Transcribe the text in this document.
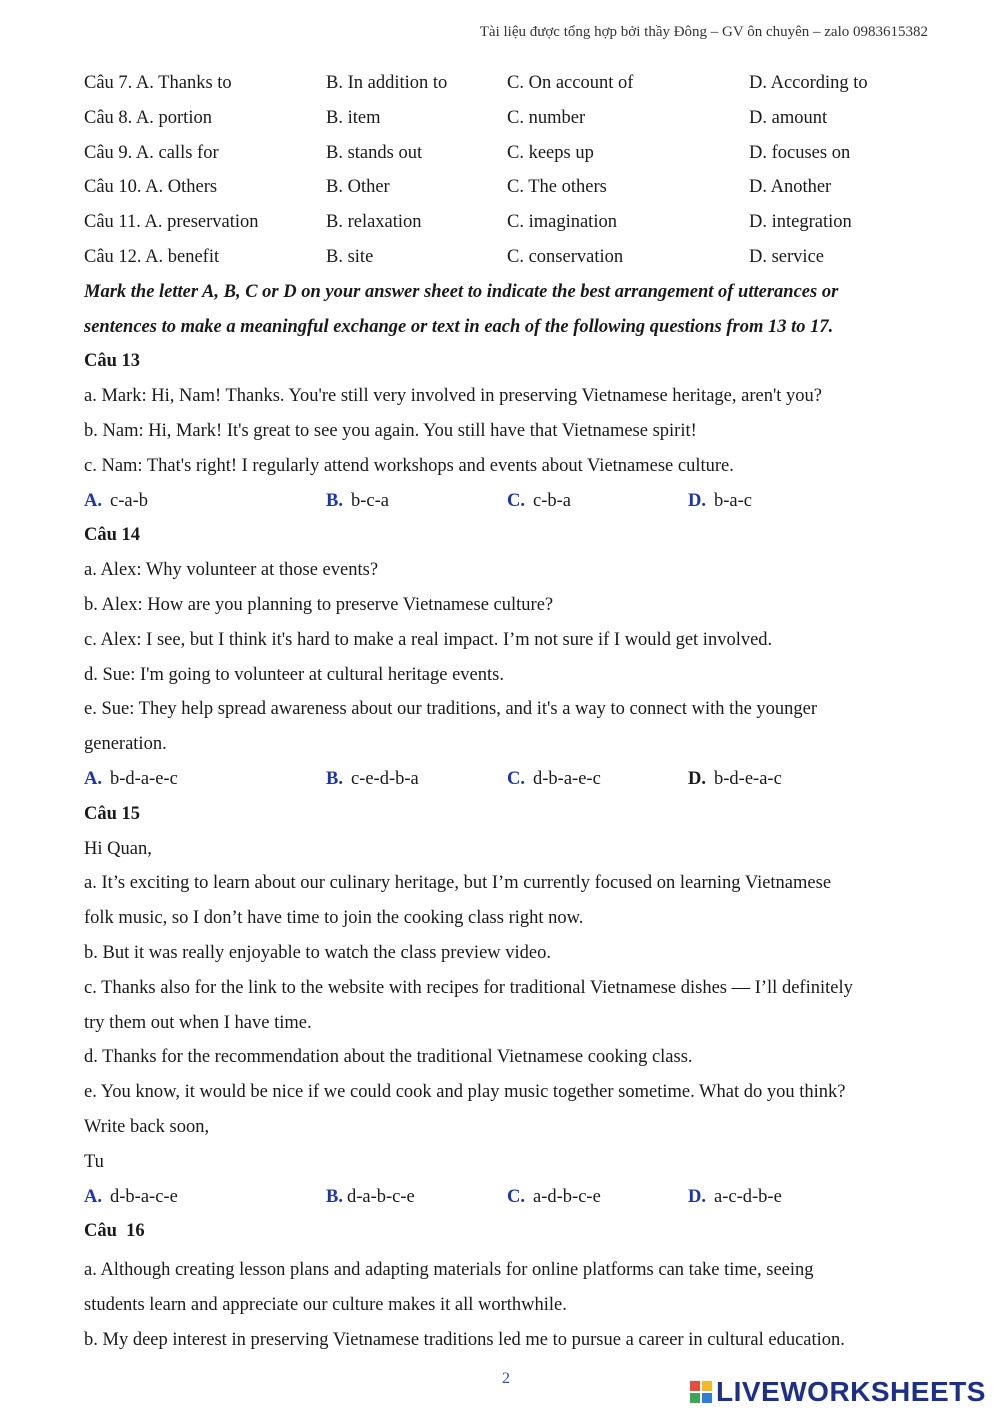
Tài liệu được tổng hợp bởi thầy Đông – GV ôn chuyên – zalo 0983615382
Câu 7. A. Thanks to	B. In addition to	C. On account of	D. According to
Câu 8. A. portion	B. item	C. number	D. amount
Câu 9. A. calls for	B. stands out	C. keeps up	D. focuses on
Câu 10. A. Others	B. Other	C. The others	D. Another
Câu 11. A. preservation	B. relaxation	C. imagination	D. integration
Câu 12. A. benefit	B. site	C. conservation	D. service
Mark the letter A, B, C or D on your answer sheet to indicate the best arrangement of utterances or
sentences to make a meaningful exchange or text in each of the following questions from 13 to 17.
Câu 13
a. Mark: Hi, Nam! Thanks. You're still very involved in preserving Vietnamese heritage, aren't you?
b. Nam: Hi, Mark! It's great to see you again. You still have that Vietnamese spirit!
c. Nam: That's right! I regularly attend workshops and events about Vietnamese culture.
A. c-a-b	B. b-c-a	C. c-b-a	D. b-a-c
Câu 14
a. Alex: Why volunteer at those events?
b. Alex: How are you planning to preserve Vietnamese culture?
c. Alex: I see, but I think it's hard to make a real impact. I’m not sure if I would get involved.
d. Sue: I'm going to volunteer at cultural heritage events.
e. Sue: They help spread awareness about our traditions, and it's a way to connect with the younger
generation.
A. b-d-a-e-c	B. c-e-d-b-a	C. d-b-a-e-c	D. b-d-e-a-c
Câu 15
Hi Quan,
a. It’s exciting to learn about our culinary heritage, but I’m currently focused on learning Vietnamese
folk music, so I don’t have time to join the cooking class right now.
b. But it was really enjoyable to watch the class preview video.
c. Thanks also for the link to the website with recipes for traditional Vietnamese dishes — I’ll definitely
try them out when I have time.
d. Thanks for the recommendation about the traditional Vietnamese cooking class.
e. You know, it would be nice if we could cook and play music together sometime. What do you think?
Write back soon,
Tu
A. d-b-a-c-e	B. d-a-b-c-e	C. a-d-b-c-e	D. a-c-d-b-e
Câu  16
a. Although creating lesson plans and adapting materials for online platforms can take time, seeing
students learn and appreciate our culture makes it all worthwhile.
b. My deep interest in preserving Vietnamese traditions led me to pursue a career in cultural education.
2	LIVEWORKSHEETS
